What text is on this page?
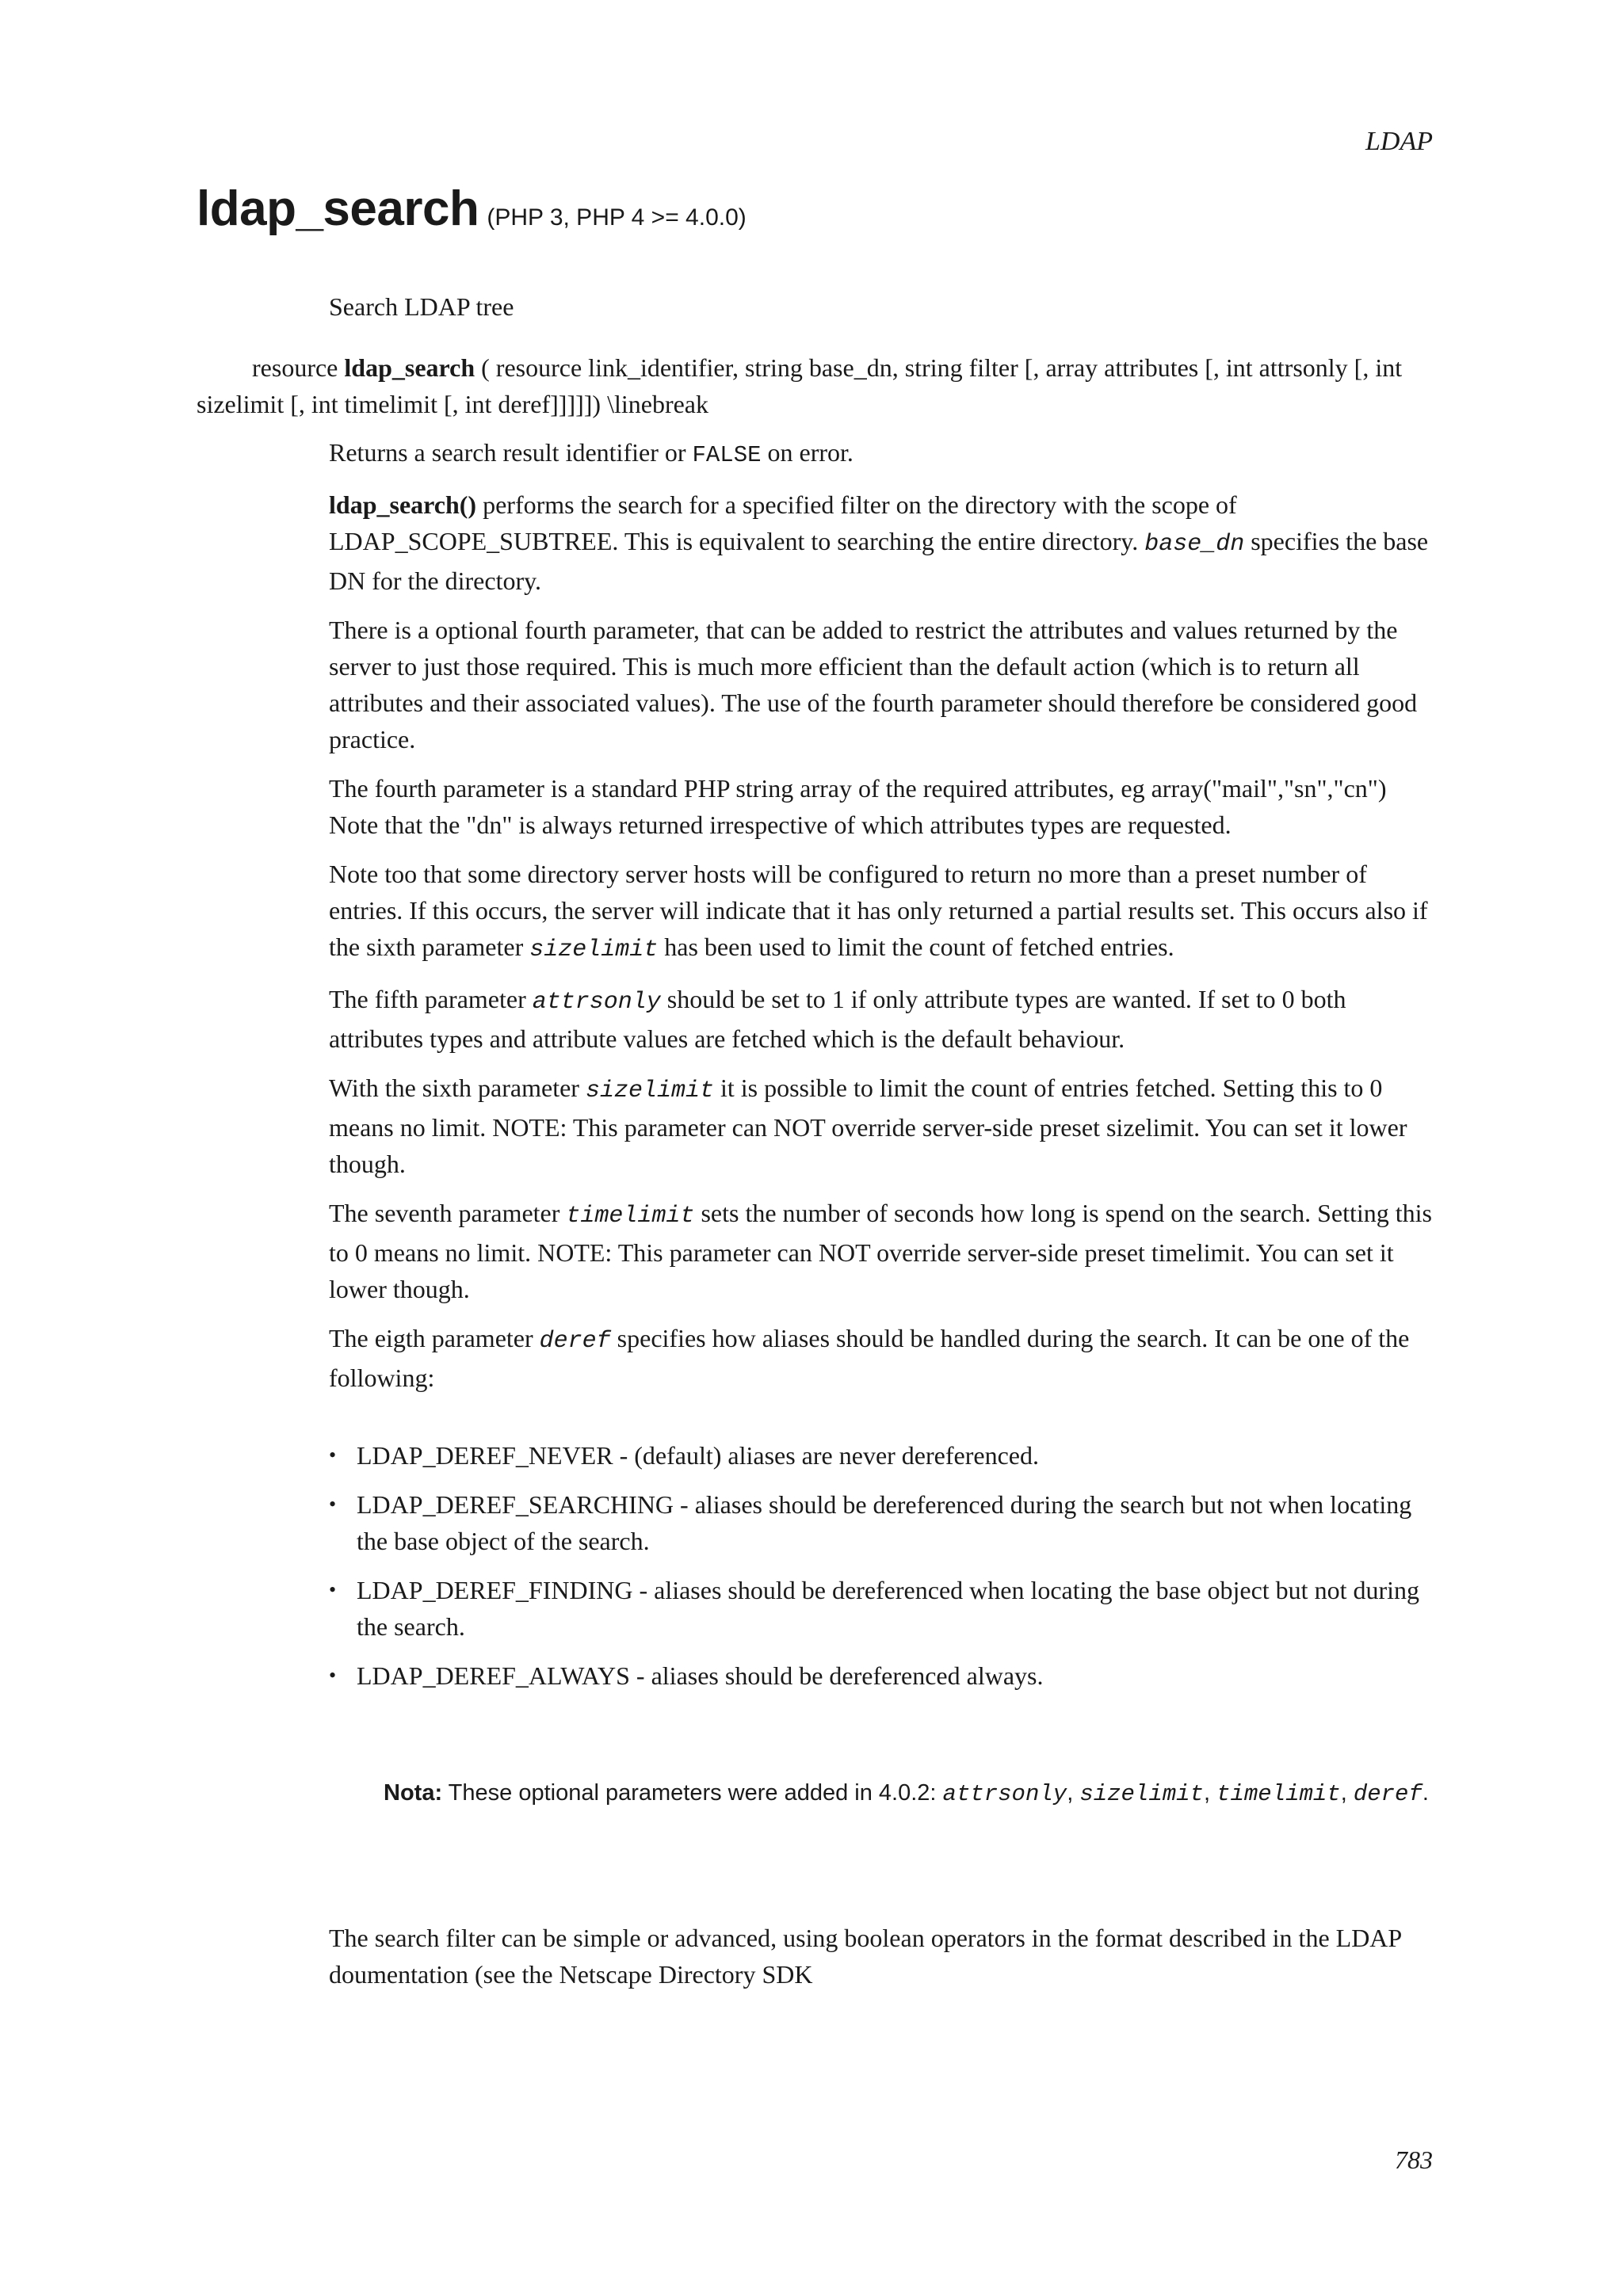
LDAP
ldap_search (PHP 3, PHP 4 >= 4.0.0)
Search LDAP tree
resource ldap_search ( resource link_identifier, string base_dn, string filter [, array attributes [, int attrsonly [, int sizelimit [, int timelimit [, int deref]]]]]) \linebreak

Returns a search result identifier or FALSE on error.

ldap_search() performs the search for a specified filter on the directory with the scope of LDAP_SCOPE_SUBTREE. This is equivalent to searching the entire directory. base_dn specifies the base DN for the directory.

There is a optional fourth parameter, that can be added to restrict the attributes and values returned by the server to just those required. This is much more efficient than the default action (which is to return all attributes and their associated values). The use of the fourth parameter should therefore be considered good practice.

The fourth parameter is a standard PHP string array of the required attributes, eg array("mail","sn","cn") Note that the "dn" is always returned irrespective of which attributes types are requested.

Note too that some directory server hosts will be configured to return no more than a preset number of entries. If this occurs, the server will indicate that it has only returned a partial results set. This occurs also if the sixth parameter sizelimit has been used to limit the count of fetched entries.

The fifth parameter attrsonly should be set to 1 if only attribute types are wanted. If set to 0 both attributes types and attribute values are fetched which is the default behaviour.

With the sixth parameter sizelimit it is possible to limit the count of entries fetched. Setting this to 0 means no limit. NOTE: This parameter can NOT override server-side preset sizelimit. You can set it lower though.

The seventh parameter timelimit sets the number of seconds how long is spend on the search. Setting this to 0 means no limit. NOTE: This parameter can NOT override server-side preset timelimit. You can set it lower though.

The eigth parameter deref specifies how aliases should be handled during the search. It can be one of the following:

• LDAP_DEREF_NEVER - (default) aliases are never dereferenced.
• LDAP_DEREF_SEARCHING - aliases should be dereferenced during the search but not when locating the base object of the search.
• LDAP_DEREF_FINDING - aliases should be dereferenced when locating the base object but not during the search.
• LDAP_DEREF_ALWAYS - aliases should be dereferenced always.
Nota: These optional parameters were added in 4.0.2: attrsonly, sizelimit, timelimit, deref.
The search filter can be simple or advanced, using boolean operators in the format described in the LDAP doumentation (see the Netscape Directory SDK
783
